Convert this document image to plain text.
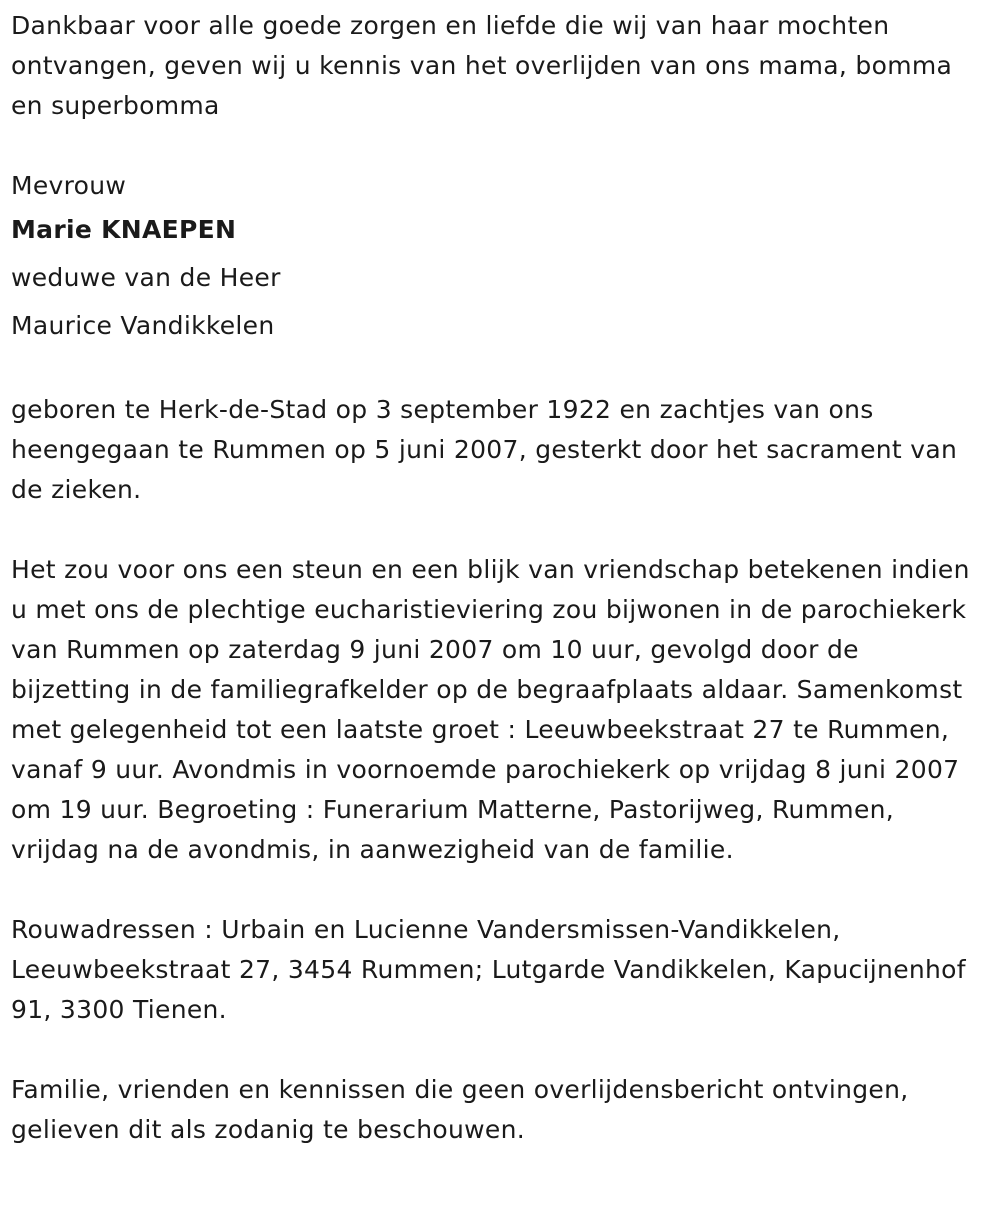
Dankbaar voor alle goede zorgen en liefde die wij van haar mochten ontvangen, geven wij u kennis van het overlijden van ons mama, bomma en superbomma

Mevrouw

Marie KNAEPEN

weduwe van de Heer

Maurice Vandikkelen

geboren te Herk-de-Stad op 3 september 1922 en zachtjes van ons heengegaan te Rummen op 5 juni 2007, gesterkt door het sacrament van de zieken.

Het zou voor ons een steun en een blijk van vriendschap betekenen indien u met ons de plechtige eucharistieviering zou bijwonen in de parochiekerk van Rummen op zaterdag 9 juni 2007 om 10 uur, gevolgd door de bijzetting in de familiegrafkelder op de begraafplaats aldaar. Samenkomst met gelegenheid tot een laatste groet : Leeuwbeekstraat 27 te Rummen, vanaf 9 uur. Avondmis in voornoemde parochiekerk op vrijdag 8 juni 2007 om 19 uur. Begroeting : Funerarium Matterne, Pastorijweg, Rummen, vrijdag na de avondmis, in aanwezigheid van de familie.

Rouwadressen : Urbain en Lucienne Vandersmissen-Vandikkelen, Leeuwbeekstraat 27, 3454 Rummen; Lutgarde Vandikkelen, Kapucijnenhof 91, 3300 Tienen.

Familie, vrienden en kennissen die geen overlijdensbericht ontvingen, gelieven dit als zodanig te beschouwen.
